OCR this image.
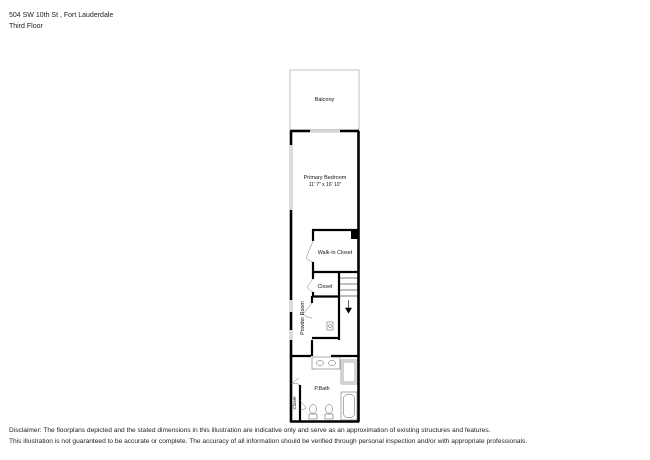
504 SW 10th St , Fort Lauderdale
Third Floor
Balcony
Primary Bedroom
11' 7" x 16' 10"
Walk-In Closet
Closet
Powder Room
P.Bath
Closet
Disclaimer: The floorplans depicted and the stated dimensions in this illustration are indicative only and serve as an approximation of existing structures and features.
This illustration is not guaranteed to be accurate or complete. The accuracy of all information should be verified through personal inspection and/or with appropriate professionals.
